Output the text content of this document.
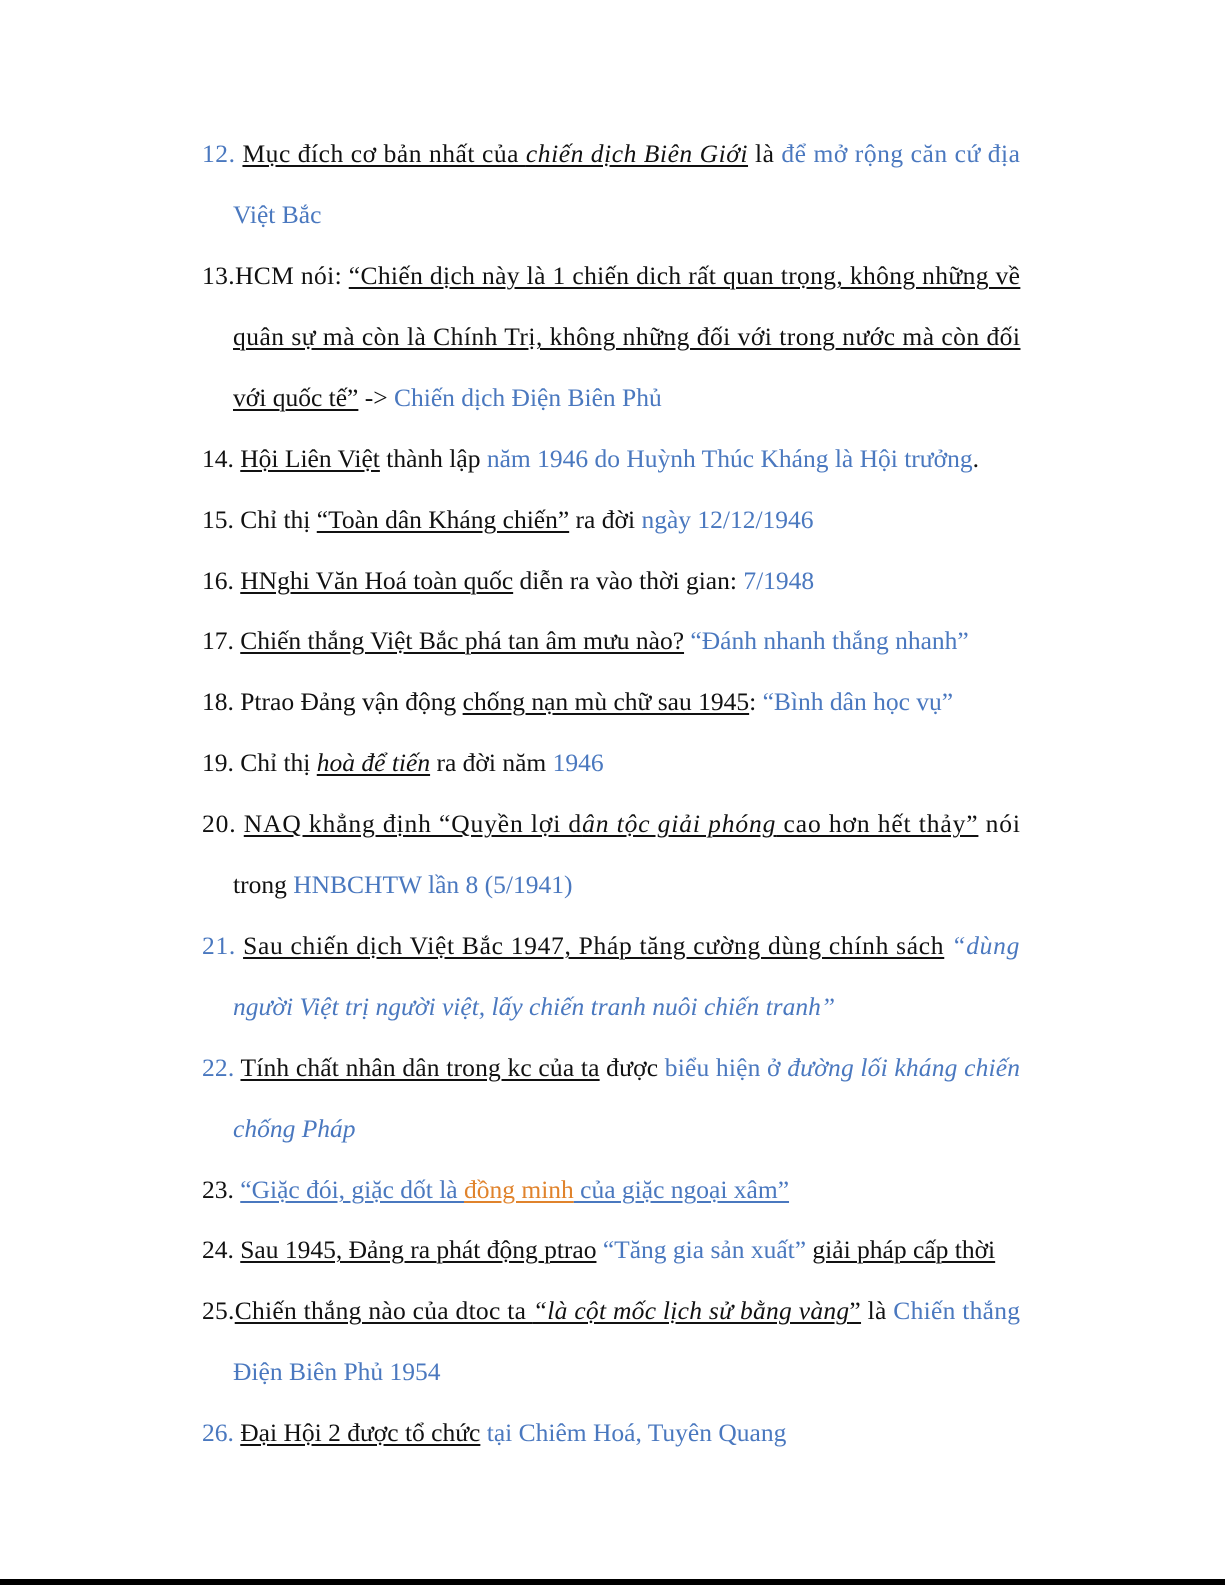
12. Mục đích cơ bản nhất của chiến dịch Biên Giới là để mở rộng căn cứ địa
Việt Bắc
13.HCM nói: “Chiến dịch này là 1 chiến dich rất quan trọng, không những về
quân sự mà còn là Chính Trị, không những đối với trong nước mà còn đối
với quốc tế” -> Chiến dịch Điện Biên Phủ
14. Hội Liên Việt thành lập năm 1946 do Huỳnh Thúc Kháng là Hội trưởng.
15. Chỉ thị “Toàn dân Kháng chiến” ra đời ngày 12/12/1946
16. HNghi Văn Hoá toàn quốc diễn ra vào thời gian: 7/1948
17. Chiến thắng Việt Bắc phá tan âm mưu nào? “Đánh nhanh thắng nhanh”
18. Ptrao Đảng vận động chống nạn mù chữ sau 1945: “Bình dân học vụ”
19. Chỉ thị hoà để tiến ra đời năm 1946
20. NAQ khẳng định “Quyền lợi dân tộc giải phóng cao hơn hết thảy” nói
trong HNBCHTW lần 8 (5/1941)
21. Sau chiến dịch Việt Bắc 1947, Pháp tăng cường dùng chính sách “dùng
người Việt trị người việt, lấy chiến tranh nuôi chiến tranh”
22. Tính chất nhân dân trong kc của ta được biểu hiện ở đường lối kháng chiến
chống Pháp
23. “Giặc đói, giặc dốt là đồng minh của giặc ngoại xâm”
24. Sau 1945, Đảng ra phát động ptrao “Tăng gia sản xuất” giải pháp cấp thời
25.Chiến thắng nào của dtoc ta “là cột mốc lịch sử bằng vàng” là Chiến thắng
Điện Biên Phủ 1954
26. Đại Hội 2 được tổ chức tại Chiêm Hoá, Tuyên Quang
